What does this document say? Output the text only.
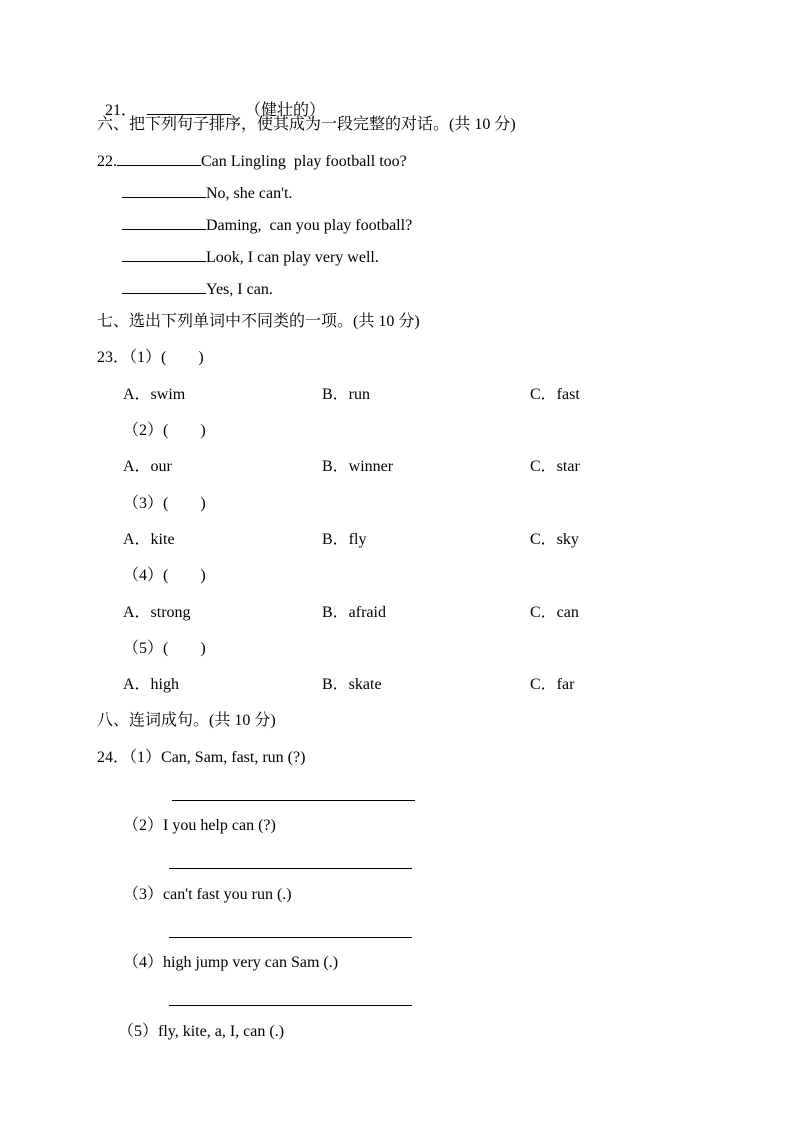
21．	（健壮的）

六、把下列句子排序，使其成为一段完整的对话。(共 10 分)
22.	Can Lingling  play football too?
No, she can't.
Daming,  can you play football?
Look, I can play very well.
Yes, I can.
七、选出下列单词中不同类的一项。(共 10 分)
23．（1）(　　)
A．swim	B．run	C．fast
（2）(　　)
A．our	B．winner	C．star
（3）(　　)
A．kite	B．fly	C．sky
（4）(　　)
A．strong	B．afraid	C．can
（5）(　　)
A．high	B．skate	C．far
八、连词成句。(共 10 分)
24．（1）Can, Sam, fast, run (?)
（2）I you help can (?)
（3）can't fast you run (.)
（4）high jump very can Sam (.)
（5）fly, kite, a, I, can (.)
